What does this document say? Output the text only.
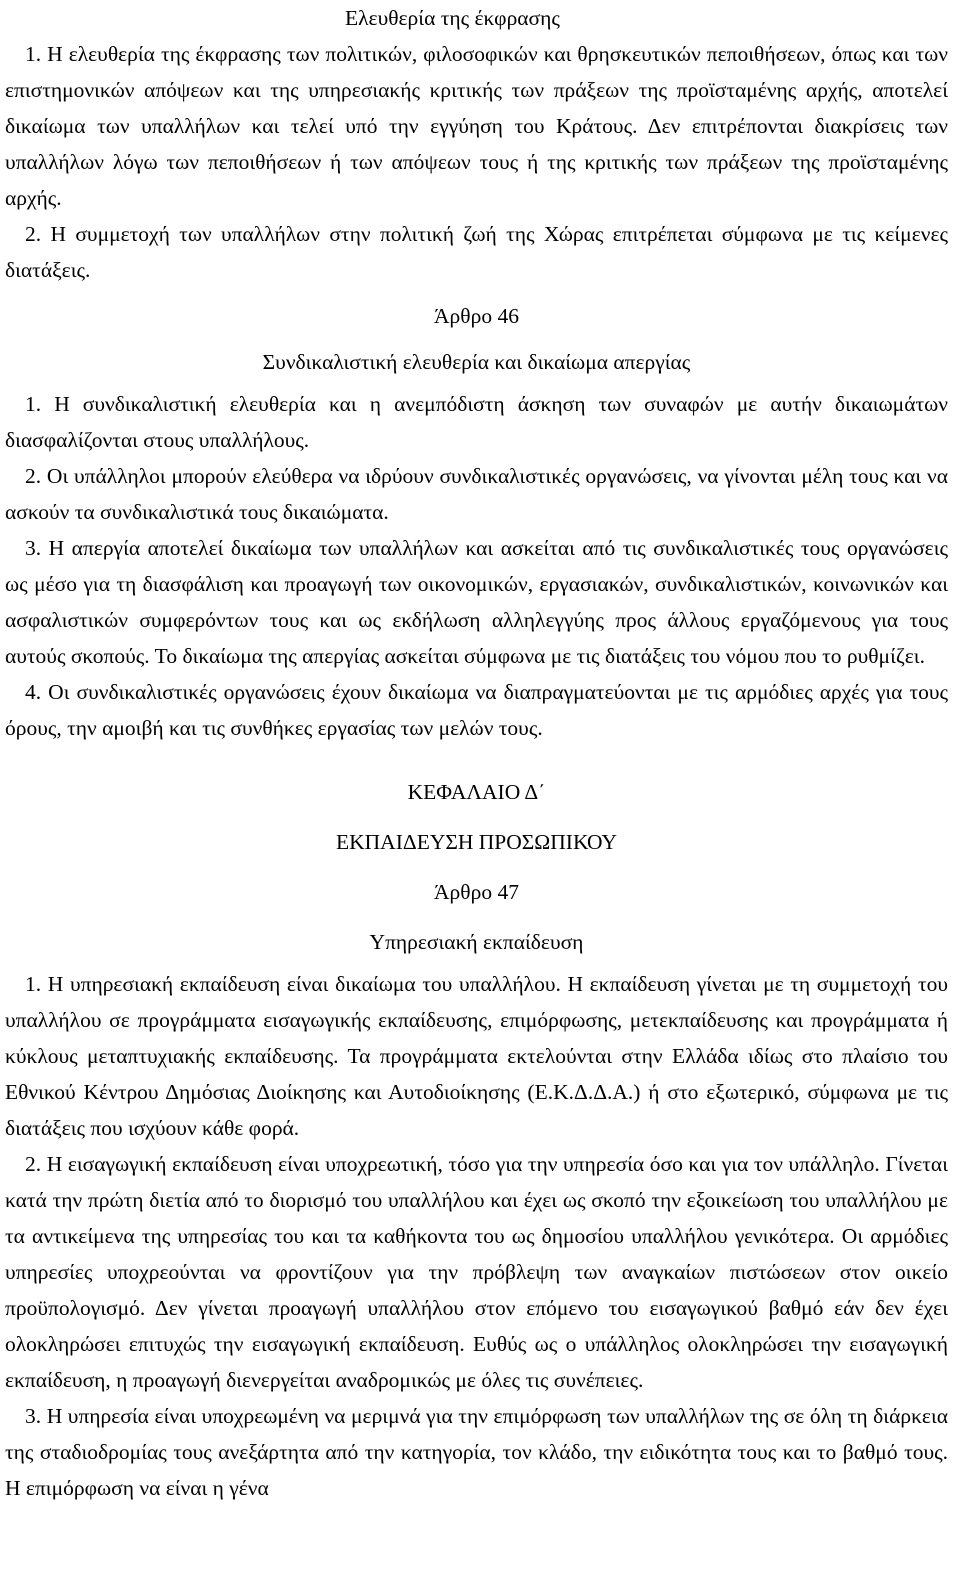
Ελευθερία της έκφρασης

1. Η ελευθερία της έκφρασης των πολιτικών, φιλοσοφικών και θρησκευτικών πεποιθήσεων, όπως και των επιστημονικών απόψεων και της υπηρεσιακής κριτικής των πράξεων της προϊσταμένης αρχής, αποτελεί δικαίωμα των υπαλλήλων και τελεί υπό την εγγύηση του Κράτους. Δεν επιτρέπονται διακρίσεις των υπαλλήλων λόγω των πεποιθήσεων ή των απόψεων τους ή της κριτικής των πράξεων της προϊσταμένης αρχής.

2. Η συμμετοχή των υπαλλήλων στην πολιτική ζωή της Χώρας επιτρέπεται σύμφωνα με τις κείμενες διατάξεις.

Άρθρο 46
Συνδικαλιστική ελευθερία και δικαίωμα απεργίας

1. Η συνδικαλιστική ελευθερία και η ανεμπόδιστη άσκηση των συναφών με αυτήν δικαιωμάτων διασφαλίζονται στους υπαλλήλους.

2. Οι υπάλληλοι μπορούν ελεύθερα να ιδρύουν συνδικαλιστικές οργανώσεις, να γίνονται μέλη τους και να ασκούν τα συνδικαλιστικά τους δικαιώματα.

3. Η απεργία αποτελεί δικαίωμα των υπαλλήλων και ασκείται από τις συνδικαλιστικές τους οργανώσεις ως μέσο για τη διασφάλιση και προαγωγή των οικονομικών, εργασιακών, συνδικαλιστικών, κοινωνικών και ασφαλιστικών συμφερόντων τους και ως εκδήλωση αλληλεγγύης προς άλλους εργαζόμενους για τους αυτούς σκοπούς. Το δικαίωμα της απεργίας ασκείται σύμφωνα με τις διατάξεις του νόμου που το ρυθμίζει.

4. Οι συνδικαλιστικές οργανώσεις έχουν δικαίωμα να διαπραγματεύονται με τις αρμόδιες αρχές για τους όρους, την αμοιβή και τις συνθήκες εργασίας των μελών τους.

ΚΕΦΑΛΑΙΟ Δ΄
ΕΚΠΑΙΔΕΥΣΗ ΠΡΟΣΩΠΙΚΟΥ
Άρθρο 47
Υπηρεσιακή εκπαίδευση

1. Η υπηρεσιακή εκπαίδευση είναι δικαίωμα του υπαλλήλου. Η εκπαίδευση γίνεται με τη συμμετοχή του υπαλλήλου σε προγράμματα εισαγωγικής εκπαίδευσης, επιμόρφωσης, μετεκπαίδευσης και προγράμματα ή κύκλους μεταπτυχιακής εκπαίδευσης. Τα προγράμματα εκτελούνται στην Ελλάδα ιδίως στο πλαίσιο του Εθνικού Κέντρου Δημόσιας Διοίκησης και Αυτοδιοίκησης (Ε.Κ.Δ.Δ.Α.) ή στο εξωτερικό, σύμφωνα με τις διατάξεις που ισχύουν κάθε φορά.

2. Η εισαγωγική εκπαίδευση είναι υποχρεωτική, τόσο για την υπηρεσία όσο και για τον υπάλληλο. Γίνεται κατά την πρώτη διετία από το διορισμό του υπαλλήλου και έχει ως σκοπό την εξοικείωση του υπαλλήλου με τα αντικείμενα της υπηρεσίας του και τα καθήκοντα του ως δημοσίου υπαλλήλου γενικότερα. Οι αρμόδιες υπηρεσίες υποχρεούνται να φροντίζουν για την πρόβλεψη των αναγκαίων πιστώσεων στον οικείο προϋπολογισμό. Δεν γίνεται προαγωγή υπαλλήλου στον επόμενο του εισαγωγικού βαθμό εάν δεν έχει ολοκληρώσει επιτυχώς την εισαγωγική εκπαίδευση. Ευθύς ως ο υπάλληλος ολοκληρώσει την εισαγωγική εκπαίδευση, η προαγωγή διενεργείται αναδρομικώς με όλες τις συνέπειες.

3. Η υπηρεσία είναι υποχρεωμένη να μεριμνά για την επιμόρφωση των υπαλλήλων της σε όλη τη διάρκεια της σταδιοδρομίας τους ανεξάρτητα από την κατηγορία, τον κλάδο, την ειδικότητα τους και το βαθμό τους. Η επιμόρφωση να είναι η γένα
